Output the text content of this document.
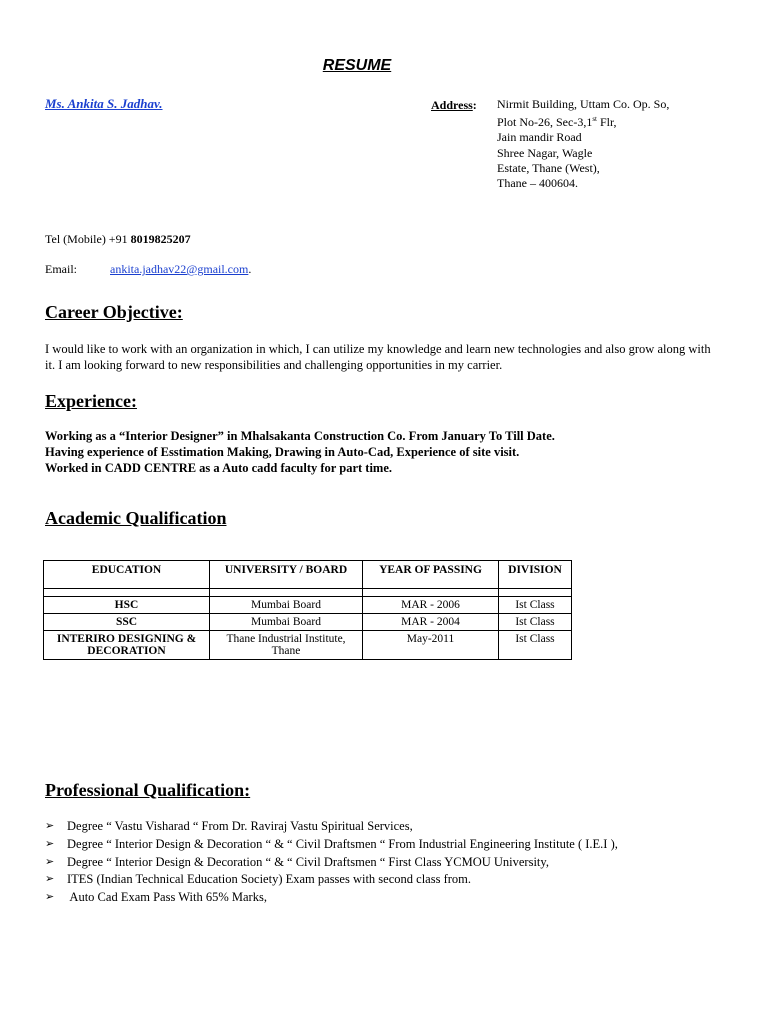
RESUME
Ms. Ankita S. Jadhav.	Address: Nirmit Building, Uttam Co. Op. So,
Plot No-26, Sec-3,1st Flr,
Jain mandir Road
Shree Nagar, Wagle
Estate, Thane (West),
Thane – 400604.
Tel (Mobile) +91 8019825207
Email:	ankita.jadhav22@gmail.com.
Career Objective:
I would like to work with an organization in which, I can utilize my knowledge and learn new technologies and also grow along with it. I am looking forward to new responsibilities and challenging opportunities in my carrier.
Experience:
Working as a “Interior Designer” in Mhalsakanta Construction Co. From January To Till Date.
Having experience of Esstimation Making, Drawing in Auto-Cad, Experience of site visit.
Worked in CADD CENTRE as a Auto cadd faculty for part time.
Academic Qualification
EDUCATION	UNIVERSITY / BOARD	YEAR OF PASSING	DIVISION

HSC	Mumbai Board	MAR - 2006	Ist Class
SSC	Mumbai Board	MAR - 2004	Ist Class
INTERIRO DESIGNING & DECORATION	Thane Industrial Institute, Thane	May-2011	Ist Class
Professional Qualification:
➢	Degree “ Vastu Visharad “ From Dr. Raviraj Vastu Spiritual Services,
➢	Degree “ Interior Design & Decoration “ & “ Civil Draftsmen “ From Industrial Engineering Institute ( I.E.I ),
➢	Degree “ Interior Design & Decoration “ & “ Civil Draftsmen “ First Class YCMOU University,
➢	ITES (Indian Technical Education Society) Exam passes with second class from.
➢	Auto Cad Exam Pass With 65% Marks,
